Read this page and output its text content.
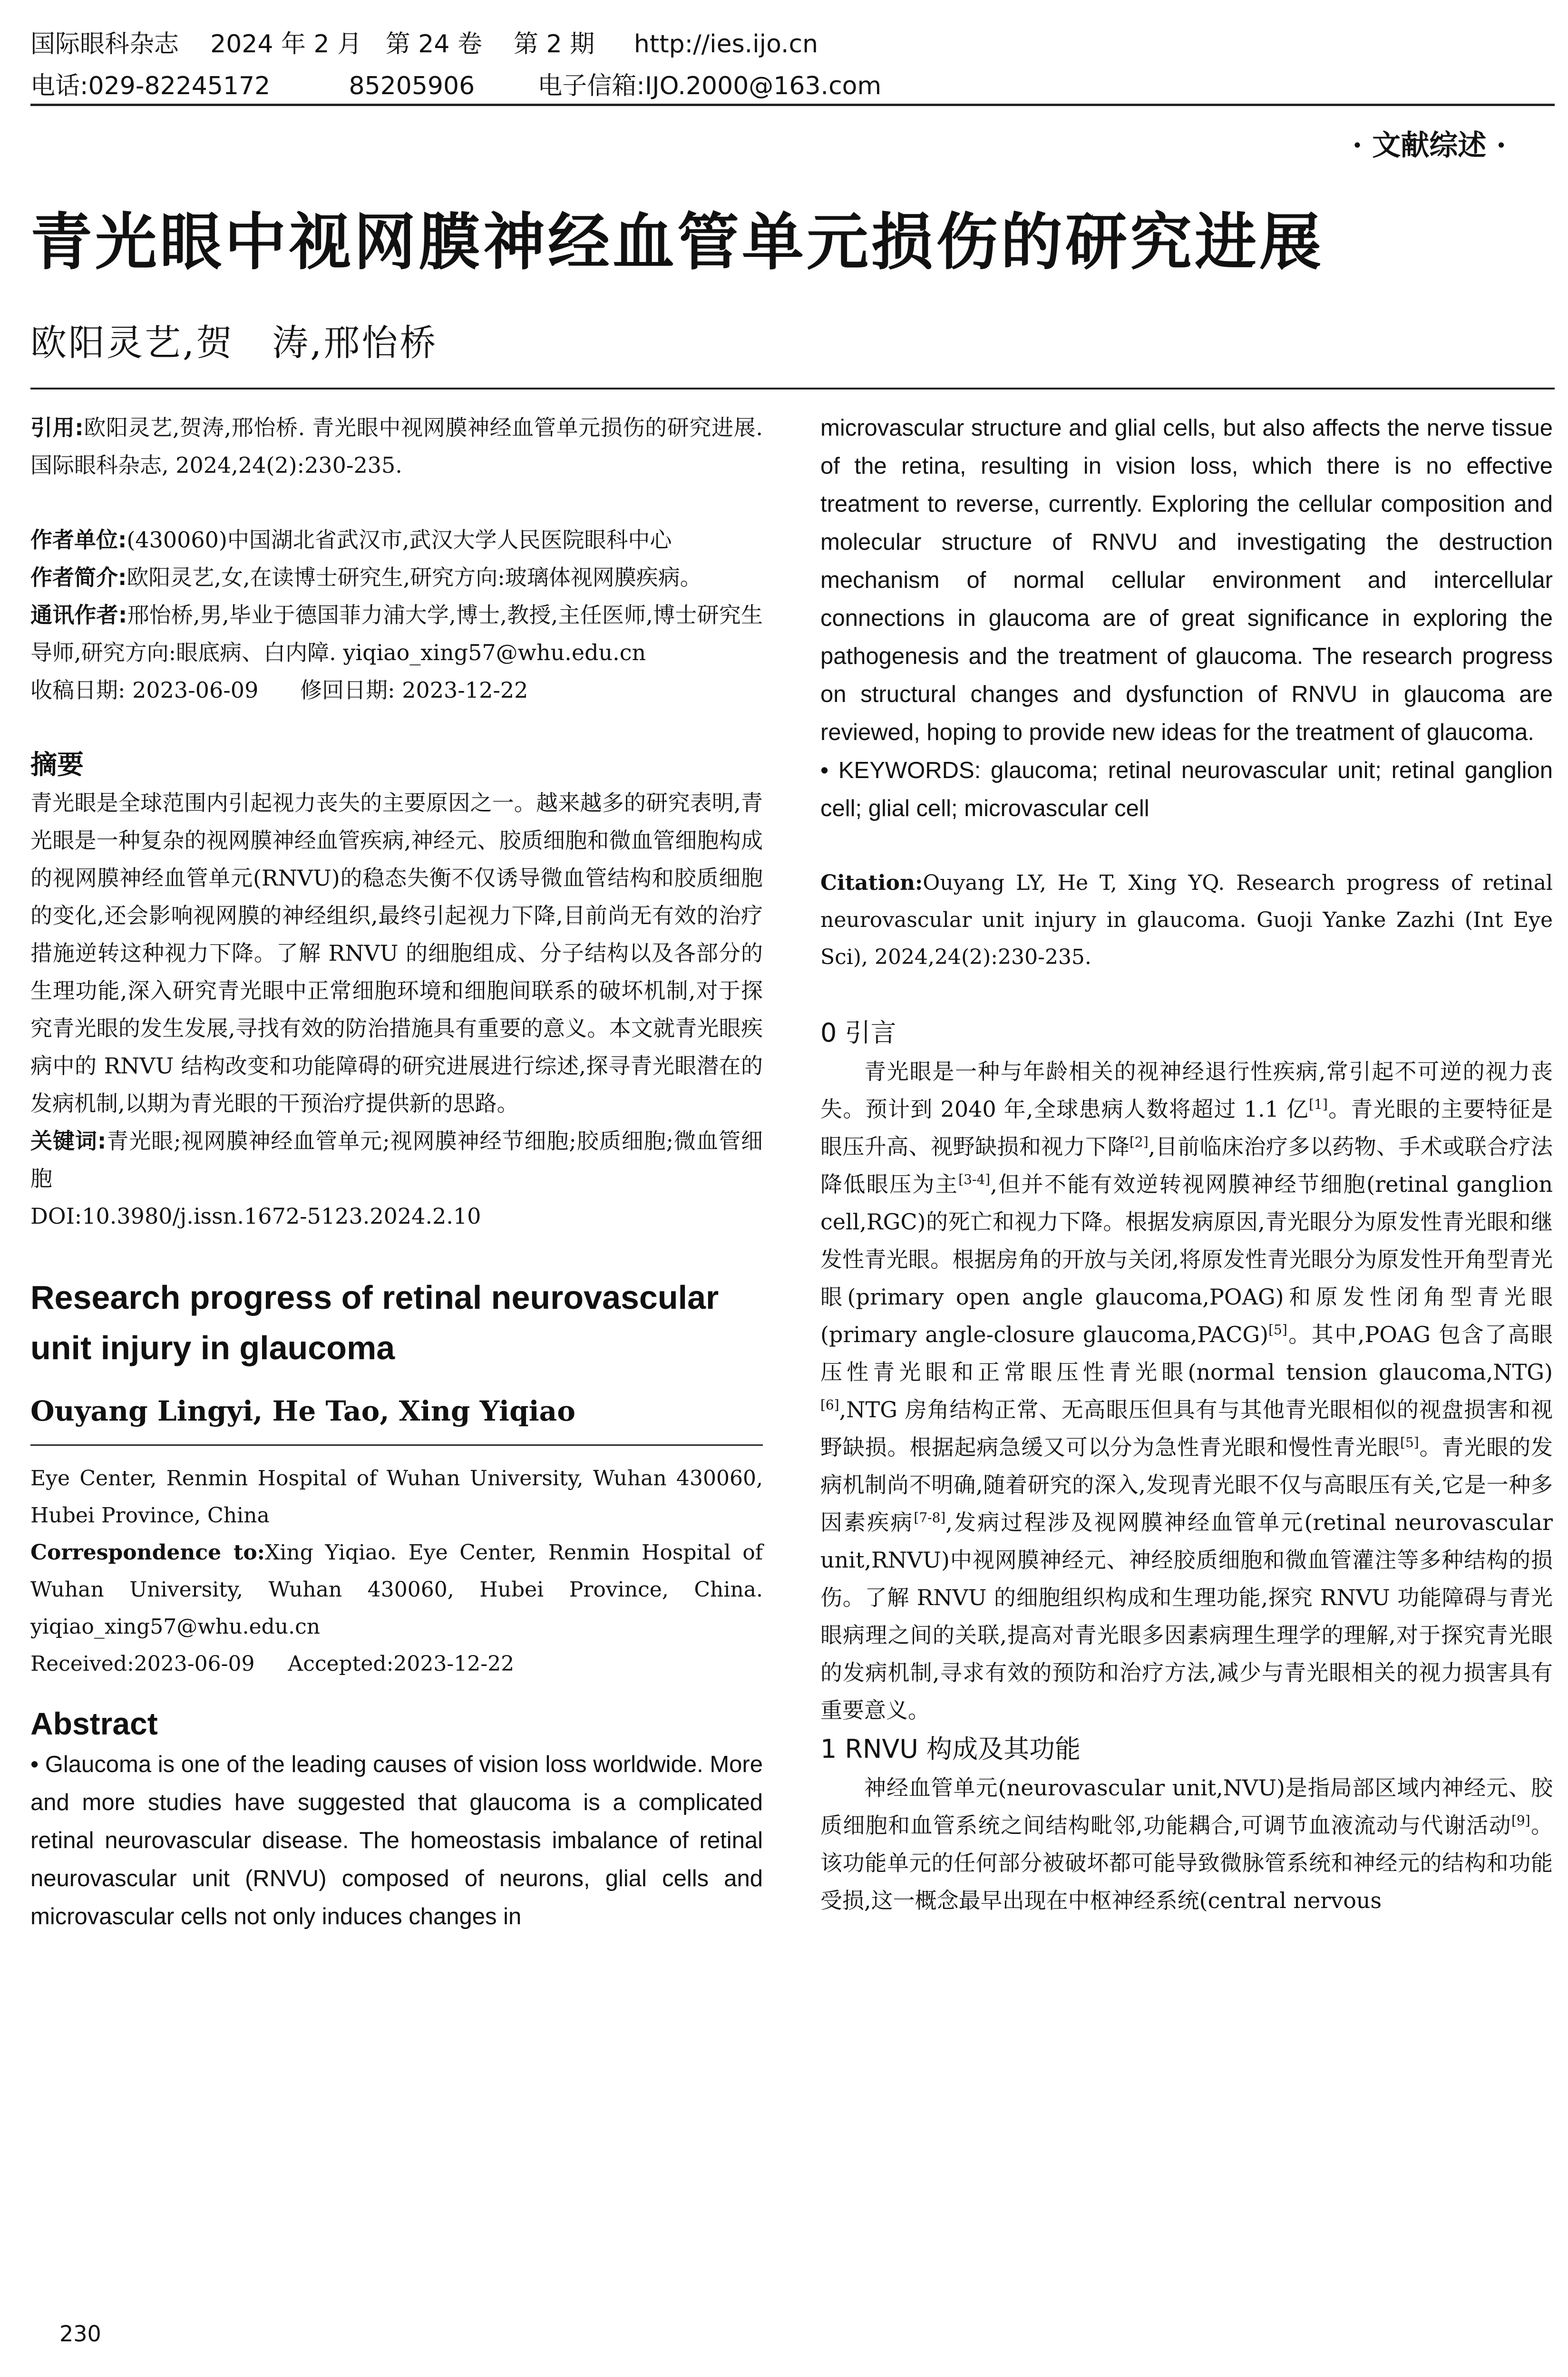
国际眼科杂志    2024 年 2 月   第 24 卷    第 2 期     http://ies.ijo.cn
电话:029-82245172          85205906        电子信箱:IJO.2000@163.com
· 文献综述 ·
青光眼中视网膜神经血管单元损伤的研究进展
欧阳灵艺,贺　涛,邢怡桥

引用:欧阳灵艺,贺涛,邢怡桥. 青光眼中视网膜神经血管单元损伤的研究进展. 国际眼科杂志, 2024,24(2):230-235.

作者单位:(430060)中国湖北省武汉市,武汉大学人民医院眼科中心

作者简介:欧阳灵艺,女,在读博士研究生,研究方向:玻璃体视网膜疾病。

通讯作者:邢怡桥,男,毕业于德国菲力浦大学,博士,教授,主任医师,博士研究生导师,研究方向:眼底病、白内障. yiqiao_xing57@whu.edu.cn

收稿日期: 2023-06-09      修回日期: 2023-12-22

摘要

青光眼是全球范围内引起视力丧失的主要原因之一。越来越多的研究表明,青光眼是一种复杂的视网膜神经血管疾病,神经元、胶质细胞和微血管细胞构成的视网膜神经血管单元(RNVU)的稳态失衡不仅诱导微血管结构和胶质细胞的变化,还会影响视网膜的神经组织,最终引起视力下降,目前尚无有效的治疗措施逆转这种视力下降。了解 RNVU 的细胞组成、分子结构以及各部分的生理功能,深入研究青光眼中正常细胞环境和细胞间联系的破坏机制,对于探究青光眼的发生发展,寻找有效的防治措施具有重要的意义。本文就青光眼疾病中的 RNVU 结构改变和功能障碍的研究进展进行综述,探寻青光眼潜在的发病机制,以期为青光眼的干预治疗提供新的思路。

关键词:青光眼;视网膜神经血管单元;视网膜神经节细胞;胶质细胞;微血管细胞

DOI:10.3980/j.issn.1672-5123.2024.2.10

Research progress of retinal neurovascular unit injury in glaucoma

Ouyang Lingyi, He Tao, Xing Yiqiao

Eye Center, Renmin Hospital of Wuhan University, Wuhan 430060, Hubei Province, China

Correspondence to:Xing Yiqiao. Eye Center, Renmin Hospital of Wuhan University, Wuhan 430060, Hubei Province, China. yiqiao_xing57@whu.edu.cn

Received:2023-06-09     Accepted:2023-12-22

Abstract

• Glaucoma is one of the leading causes of vision loss worldwide. More and more studies have suggested that glaucoma is a complicated retinal neurovascular disease. The homeostasis imbalance of retinal neurovascular unit (RNVU) composed of neurons, glial cells and microvascular cells not only induces changes in

microvascular structure and glial cells, but also affects the nerve tissue of the retina, resulting in vision loss, which there is no effective treatment to reverse, currently. Exploring the cellular composition and molecular structure of RNVU and investigating the destruction mechanism of normal cellular environment and intercellular connections in glaucoma are of great significance in exploring the pathogenesis and the treatment of glaucoma. The research progress on structural changes and dysfunction of RNVU in glaucoma are reviewed, hoping to provide new ideas for the treatment of glaucoma.

• KEYWORDS: glaucoma; retinal neurovascular unit; retinal ganglion cell; glial cell; microvascular cell

Citation:Ouyang LY, He T, Xing YQ. Research progress of retinal neurovascular unit injury in glaucoma. Guoji Yanke Zazhi (Int Eye Sci), 2024,24(2):230-235.

0 引言

青光眼是一种与年龄相关的视神经退行性疾病,常引起不可逆的视力丧失。预计到 2040 年,全球患病人数将超过 1.1 亿[1]。青光眼的主要特征是眼压升高、视野缺损和视力下降[2],目前临床治疗多以药物、手术或联合疗法降低眼压为主[3-4],但并不能有效逆转视网膜神经节细胞(retinal ganglion cell,RGC)的死亡和视力下降。根据发病原因,青光眼分为原发性青光眼和继发性青光眼。根据房角的开放与关闭,将原发性青光眼分为原发性开角型青光眼(primary open angle glaucoma,POAG)和原发性闭角型青光眼(primary angle-closure glaucoma,PACG)[5]。其中,POAG 包含了高眼压性青光眼和正常眼压性青光眼(normal tension glaucoma,NTG)[6],NTG 房角结构正常、无高眼压但具有与其他青光眼相似的视盘损害和视野缺损。根据起病急缓又可以分为急性青光眼和慢性青光眼[5]。青光眼的发病机制尚不明确,随着研究的深入,发现青光眼不仅与高眼压有关,它是一种多因素疾病[7-8],发病过程涉及视网膜神经血管单元(retinal neurovascular unit,RNVU)中视网膜神经元、神经胶质细胞和微血管灌注等多种结构的损伤。了解 RNVU 的细胞组织构成和生理功能,探究 RNVU 功能障碍与青光眼病理之间的关联,提高对青光眼多因素病理生理学的理解,对于探究青光眼的发病机制,寻求有效的预防和治疗方法,减少与青光眼相关的视力损害具有重要意义。

1 RNVU 构成及其功能

神经血管单元(neurovascular unit,NVU)是指局部区域内神经元、胶质细胞和血管系统之间结构毗邻,功能耦合,可调节血液流动与代谢活动[9]。该功能单元的任何部分被破坏都可能导致微脉管系统和神经元的结构和功能受损,这一概念最早出现在中枢神经系统(central nervous

230
